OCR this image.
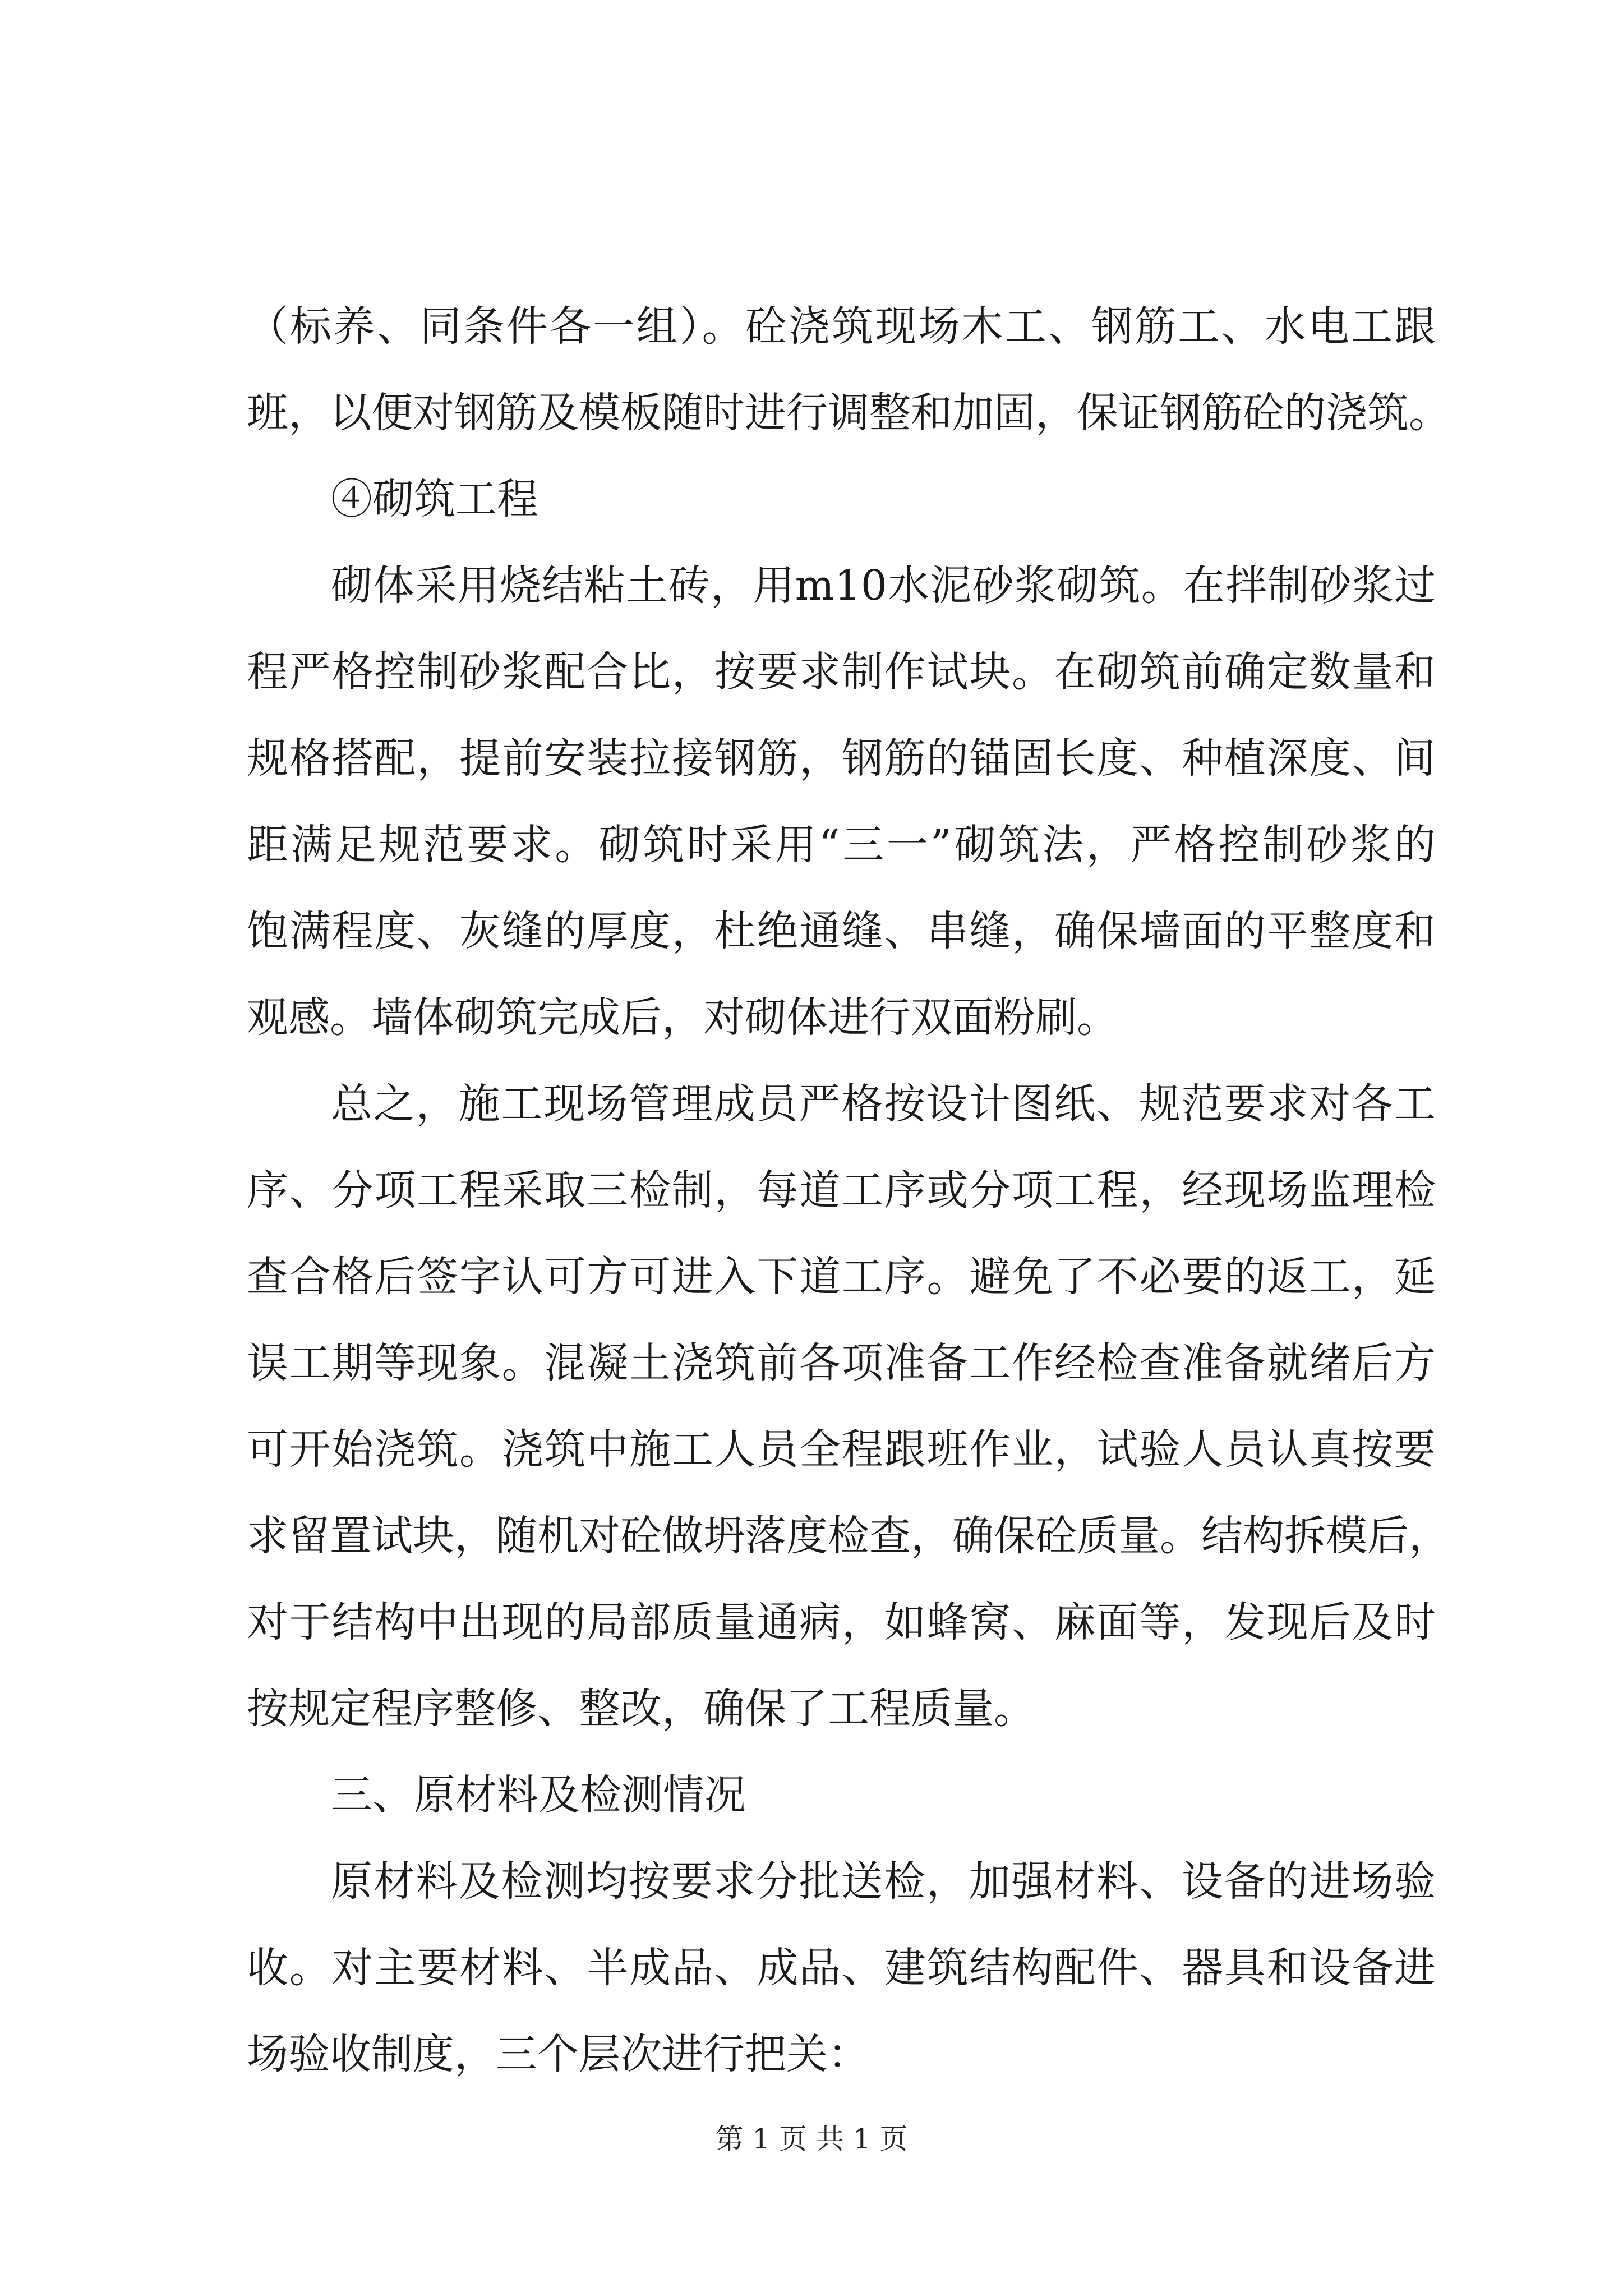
（标养、同条件各一组）。砼浇筑现场木工、钢筋工、水电工跟
班，以便对钢筋及模板随时进行调整和加固，保证钢筋砼的浇筑。
④砌筑工程
砌体采用烧结粘土砖，用m10水泥砂浆砌筑。在拌制砂浆过
程严格控制砂浆配合比，按要求制作试块。在砌筑前确定数量和
规格搭配，提前安装拉接钢筋，钢筋的锚固长度、种植深度、间
距满足规范要求。砌筑时采用“三一”砌筑法，严格控制砂浆的
饱满程度、灰缝的厚度，杜绝通缝、串缝，确保墙面的平整度和
观感。墙体砌筑完成后，对砌体进行双面粉刷。
总之，施工现场管理成员严格按设计图纸、规范要求对各工
序、分项工程采取三检制，每道工序或分项工程，经现场监理检
查合格后签字认可方可进入下道工序。避免了不必要的返工，延
误工期等现象。混凝土浇筑前各项准备工作经检查准备就绪后方
可开始浇筑。浇筑中施工人员全程跟班作业，试验人员认真按要
求留置试块，随机对砼做坍落度检查，确保砼质量。结构拆模后，
对于结构中出现的局部质量通病，如蜂窝、麻面等，发现后及时
按规定程序整修、整改，确保了工程质量。
三、原材料及检测情况
原材料及检测均按要求分批送检，加强材料、设备的进场验
收。对主要材料、半成品、成品、建筑结构配件、器具和设备进
场验收制度，三个层次进行把关：
第 1 页 共 1 页
